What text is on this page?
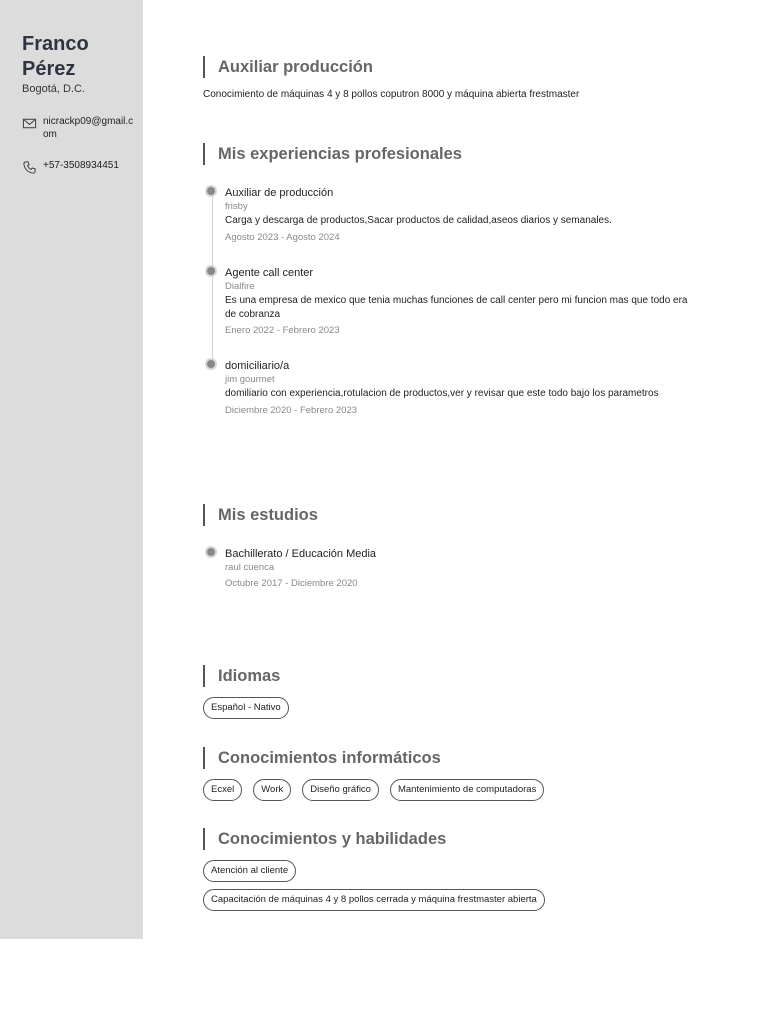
Franco
Pérez
Bogotá, D.C.
nicrackp09@gmail.com
+57-3508934451
Auxiliar producción
Conocimiento de máquinas 4 y 8 pollos coputron 8000 y máquina abierta frestmaster
Mis experiencias profesionales
Auxiliar de producción
frisby
Carga y descarga de productos,Sacar productos de calidad,aseos diarios y semanales.
Agosto 2023 - Agosto 2024
Agente call center
Dialfire
Es una empresa de mexico que tenia muchas funciones de call center pero mi funcion mas que todo era de cobranza
Enero 2022 - Febrero 2023
domiciliario/a
jim gourmet
domiliario con experiencia,rotulacion de productos,ver y revisar que este todo bajo los parametros
Diciembre 2020 - Febrero 2023
Mis estudios
Bachillerato / Educación Media
raul cuenca
Octubre 2017 - Diciembre 2020
Idiomas
Español - Nativo
Conocimientos informáticos
Ecxel	Work	Diseño gráfico	Mantenimiento de computadoras
Conocimientos y habilidades
Atención al cliente
Capacitación de máquinas 4 y 8 pollos cerrada y máquina frestmaster abierta
